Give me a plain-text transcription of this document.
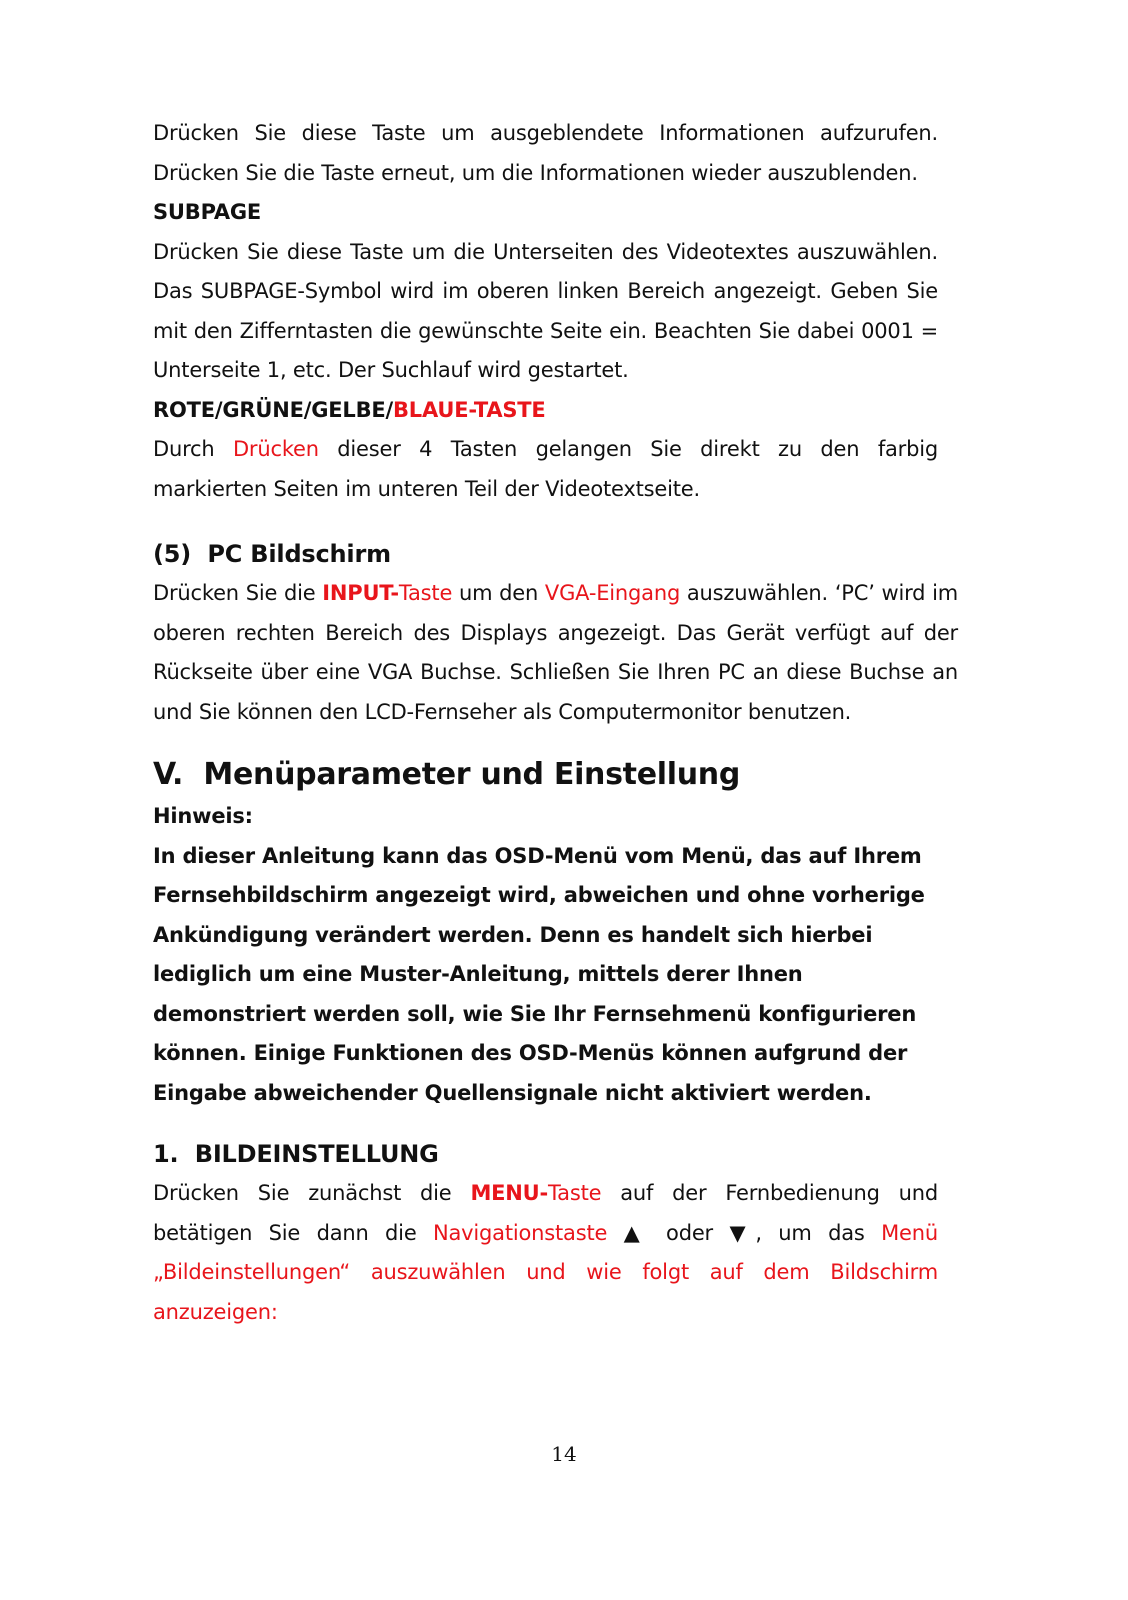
Drücken Sie diese Taste um ausgeblendete Informationen aufzurufen. Drücken Sie die Taste erneut, um die Informationen wieder auszublenden.

SUBPAGE

Drücken Sie diese Taste um die Unterseiten des Videotextes auszuwählen. Das SUBPAGE-Symbol wird im oberen linken Bereich angezeigt. Geben Sie mit den Zifferntasten die gewünschte Seite ein. Beachten Sie dabei 0001 = Unterseite 1, etc. Der Suchlauf wird gestartet.

ROTE/GRÜNE/GELBE/BLAUE-TASTE

Durch Drücken dieser 4 Tasten gelangen Sie direkt zu den farbig markierten Seiten im unteren Teil der Videotextseite.

(5)  PC Bildschirm

Drücken Sie die INPUT-Taste um den VGA-Eingang auszuwählen. ‘PC’ wird im oberen rechten Bereich des Displays angezeigt. Das Gerät verfügt auf der Rückseite über eine VGA Buchse. Schließen Sie Ihren PC an diese Buchse an und Sie können den LCD-Fernseher als Computermonitor benutzen.

V.  Menüparameter und Einstellung

Hinweis:

In dieser Anleitung kann das OSD-Menü vom Menü, das auf Ihrem Fernsehbildschirm angezeigt wird, abweichen und ohne vorherige Ankündigung verändert werden. Denn es handelt sich hierbei lediglich um eine Muster-Anleitung, mittels derer Ihnen demonstriert werden soll, wie Sie Ihr Fernsehmenü konfigurieren können. Einige Funktionen des OSD-Menüs können aufgrund der Eingabe abweichender Quellensignale nicht aktiviert werden.

1.  BILDEINSTELLUNG

Drücken Sie zunächst die MENU-Taste auf der Fernbedienung und betätigen Sie dann die Navigationstaste ▲ oder ▼, um das Menü „Bildeinstellungen“ auszuwählen und wie folgt auf dem Bildschirm anzuzeigen:

14
